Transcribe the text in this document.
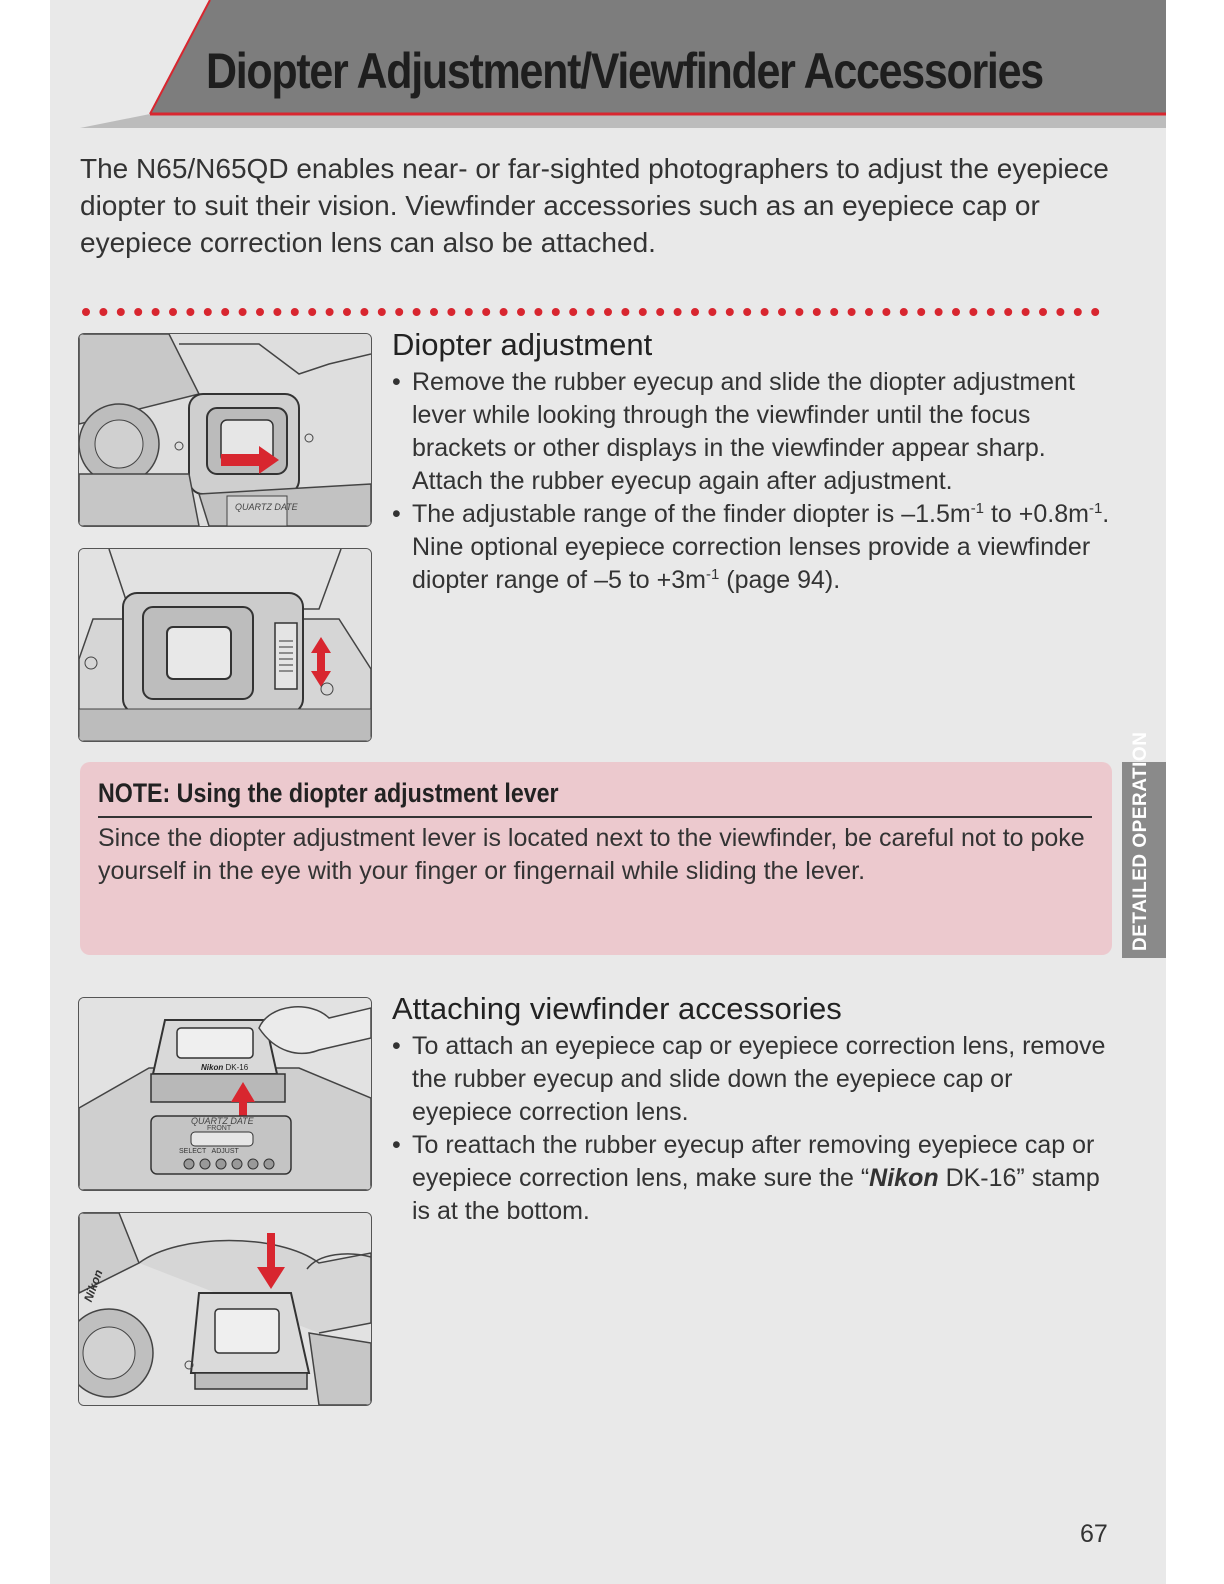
Diopter Adjustment/Viewfinder Accessories
The N65/N65QD enables near- or far-sighted photographers to adjust the eyepiece diopter to suit their vision. Viewfinder accessories such as an eyepiece cap or eyepiece correction lens can also be attached.
QUARTZ DATE
Diopter adjustment
• Remove the rubber eyecup and slide the diopter adjustment lever while looking through the viewfinder until the focus brackets or other displays in the viewfinder appear sharp. Attach the rubber eyecup again after adjustment.
• The adjustable range of the finder diopter is $-1.5m^{-1}$ to $+0.8m^{-1}$. Nine optional eyepiece correction lenses provide a viewfinder diopter range of –5 to $+3m^{-1}$ (page 94).
NOTE: Using the diopter adjustment lever
Since the diopter adjustment lever is located next to the viewfinder, be careful not to poke yourself in the eye with your finger or fingernail while sliding the lever.	DETAILED OPERATION
Nikon DK-16
QUARTZ DATE
FRONT
SELECT   ADJUST
Nikon
Attaching viewfinder accessories
• To attach an eyepiece cap or eyepiece correction lens, remove the rubber eyecup and slide down the eyepiece cap or eyepiece correction lens.
• To reattach the rubber eyecup after removing eyepiece cap or eyepiece correction lens, make sure the “Nikon DK-16” stamp is at the bottom.
67
